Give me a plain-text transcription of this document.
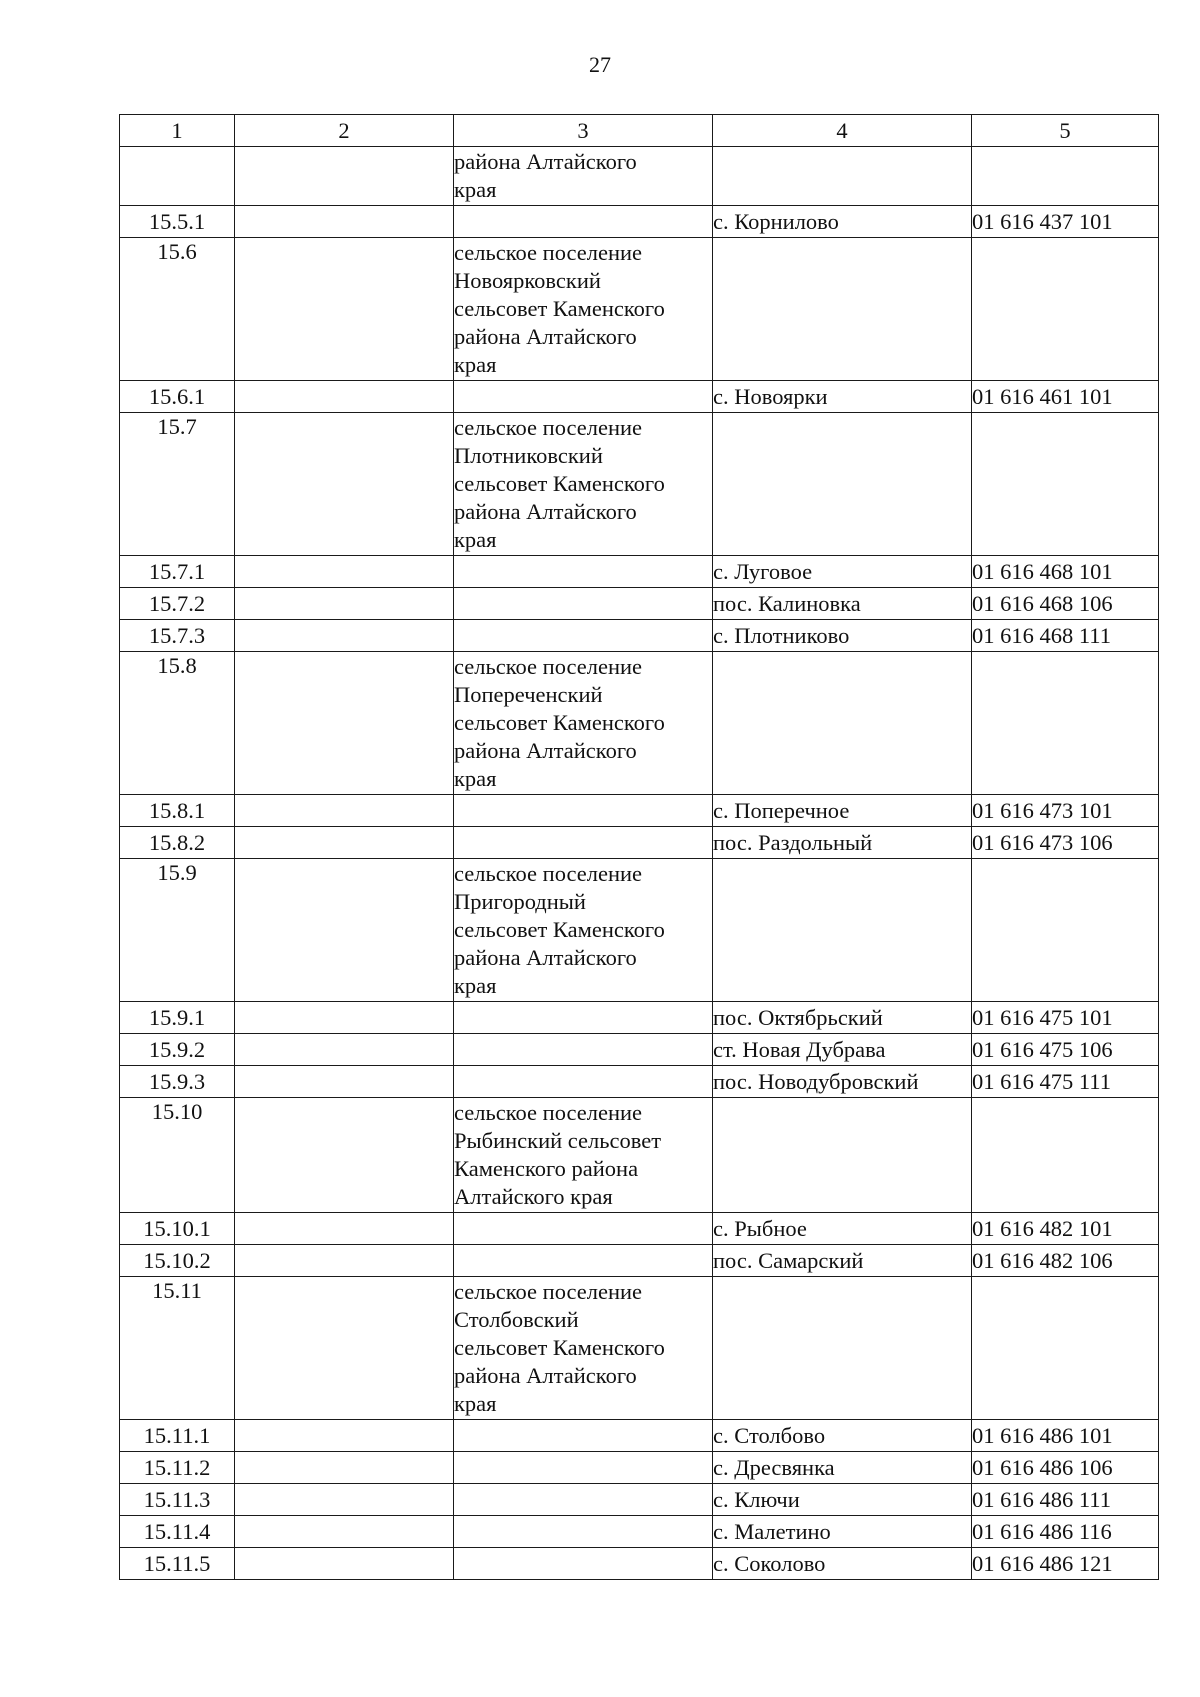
27
1	2	3	4	5

		района Алтайского
края		

15.5.1			с. Корнилово	01 616 437 101
15.6		сельское поселение
Новоярковский
сельсовет Каменского
района Алтайского
края		

15.6.1			с. Новоярки	01 616 461 101
15.7		сельское поселение
Плотниковский
сельсовет Каменского
района Алтайского
края		

15.7.1			с. Луговое	01 616 468 101
15.7.2			пос. Калиновка	01 616 468 106
15.7.3			с. Плотниково	01 616 468 111
15.8		сельское поселение
Попереченский
сельсовет Каменского
района Алтайского
края		

15.8.1			с. Поперечное	01 616 473 101
15.8.2			пос. Раздольный	01 616 473 106
15.9		сельское поселение
Пригородный
сельсовет Каменского
района Алтайского
края		

15.9.1			пос. Октябрьский	01 616 475 101
15.9.2			ст. Новая Дубрава	01 616 475 106
15.9.3			пос. Новодубровский	01 616 475 111
15.10		сельское поселение
Рыбинский сельсовет
Каменского района
Алтайского края		

15.10.1			с. Рыбное	01 616 482 101
15.10.2			пос. Самарский	01 616 482 106
15.11		сельское поселение
Столбовский
сельсовет Каменского
района Алтайского
края		

15.11.1			с. Столбово	01 616 486 101
15.11.2			с. Дресвянка	01 616 486 106
15.11.3			с. Ключи	01 616 486 111
15.11.4			с. Малетино	01 616 486 116
15.11.5			с. Соколово	01 616 486 121
